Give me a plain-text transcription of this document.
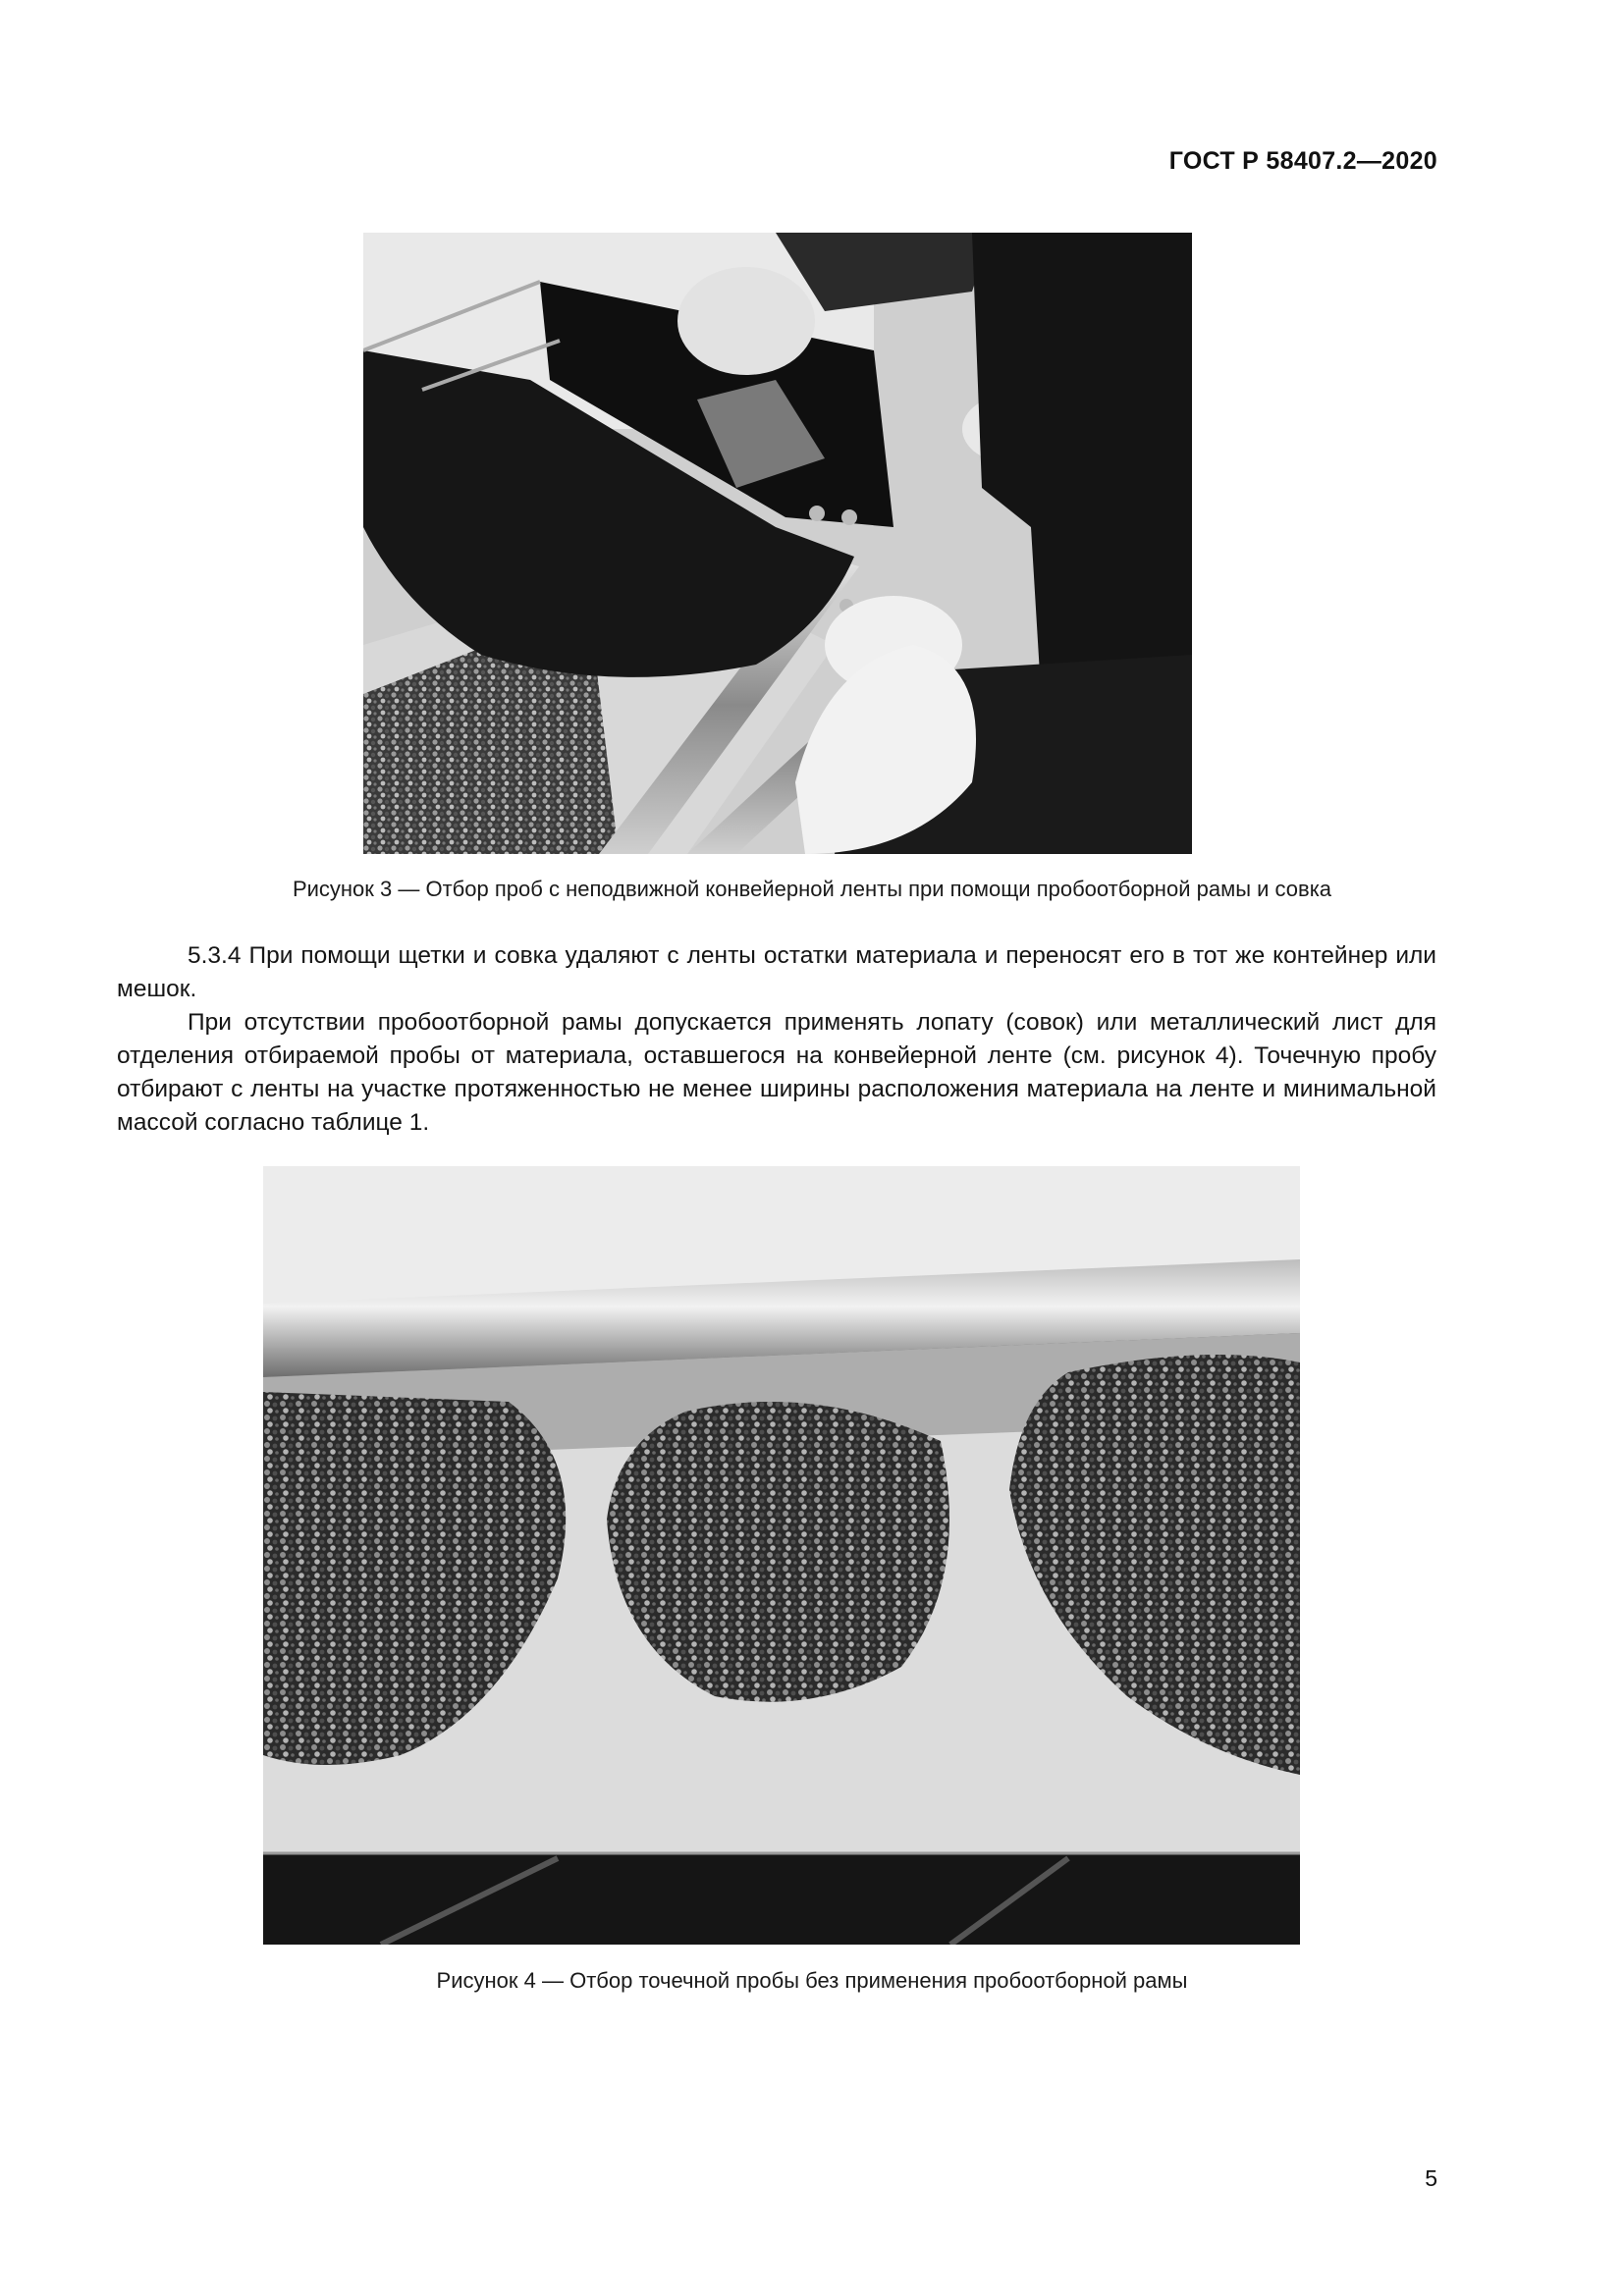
ГОСТ Р 58407.2—2020
Рисунок 3 — Отбор проб с неподвижной конвейерной ленты при помощи пробоотборной рамы и совка

5.3.4 При помощи щетки и совка удаляют с ленты остатки материала и переносят его в тот же контейнер или мешок.

При отсутствии пробоотборной рамы допускается применять лопату (совок) или металлический лист для отделения отбираемой пробы от материала, оставшегося на конвейерной ленте (см. рисунок 4). Точечную пробу отбирают с ленты на участке протяженностью не менее ширины расположения материала на ленте и минимальной массой согласно таблице 1.

Рисунок 4 — Отбор точечной пробы без применения пробоотборной рамы
5
